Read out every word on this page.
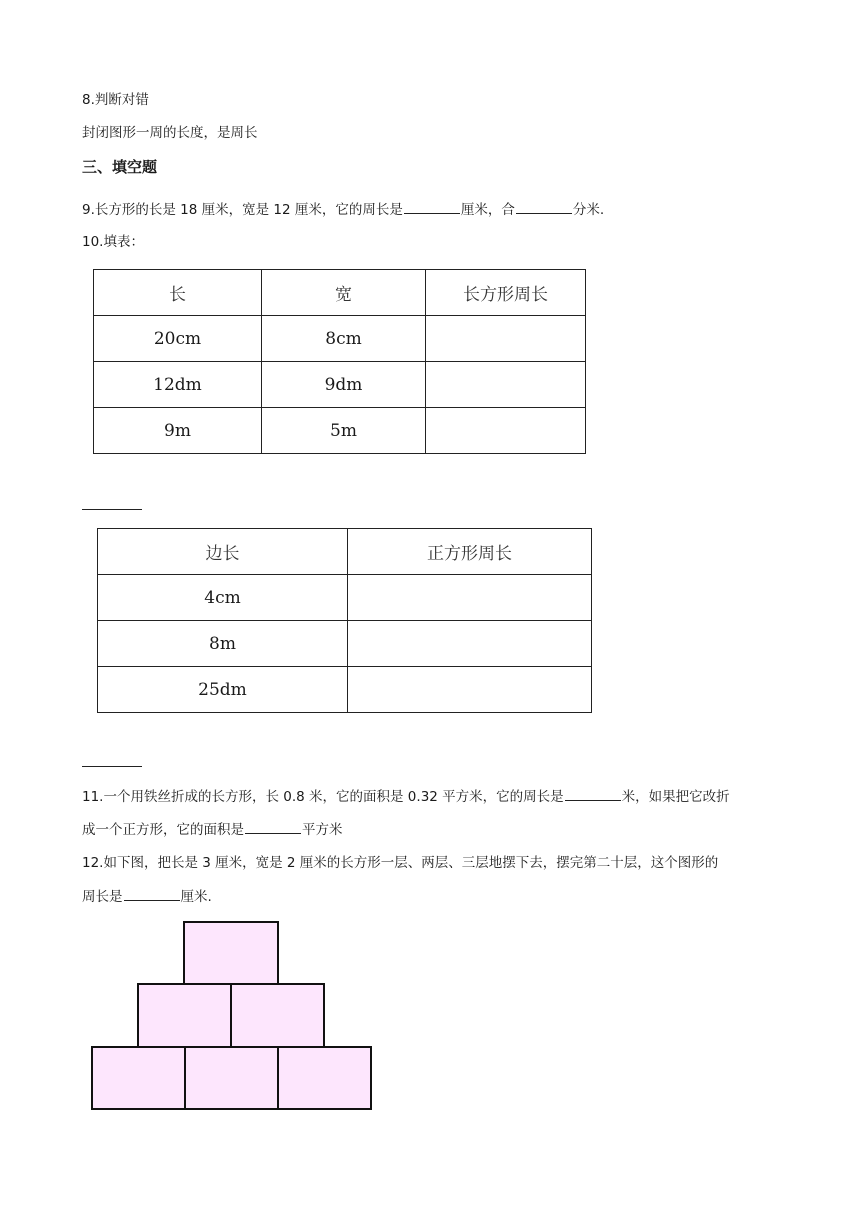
8.判断对错
封闭图形一周的长度，是周长
三、填空题
9.长方形的长是 18 厘米，宽是 12 厘米，它的周长是	厘米，合	分米.
10.填表：
长	宽	长方形周长
20cm	8cm	
12dm	9dm	
9m	5m	
边长	正方形周长
4cm	
8m	
25dm	
11.一个用铁丝折成的长方形，长 0.8 米，它的面积是 0.32 平方米，它的周长是	米，如果把它改折
成一个正方形，它的面积是	平方米
12.如下图，把长是 3 厘米，宽是 2 厘米的长方形一层、两层、三层地摆下去，摆完第二十层，这个图形的
周长是	厘米.
